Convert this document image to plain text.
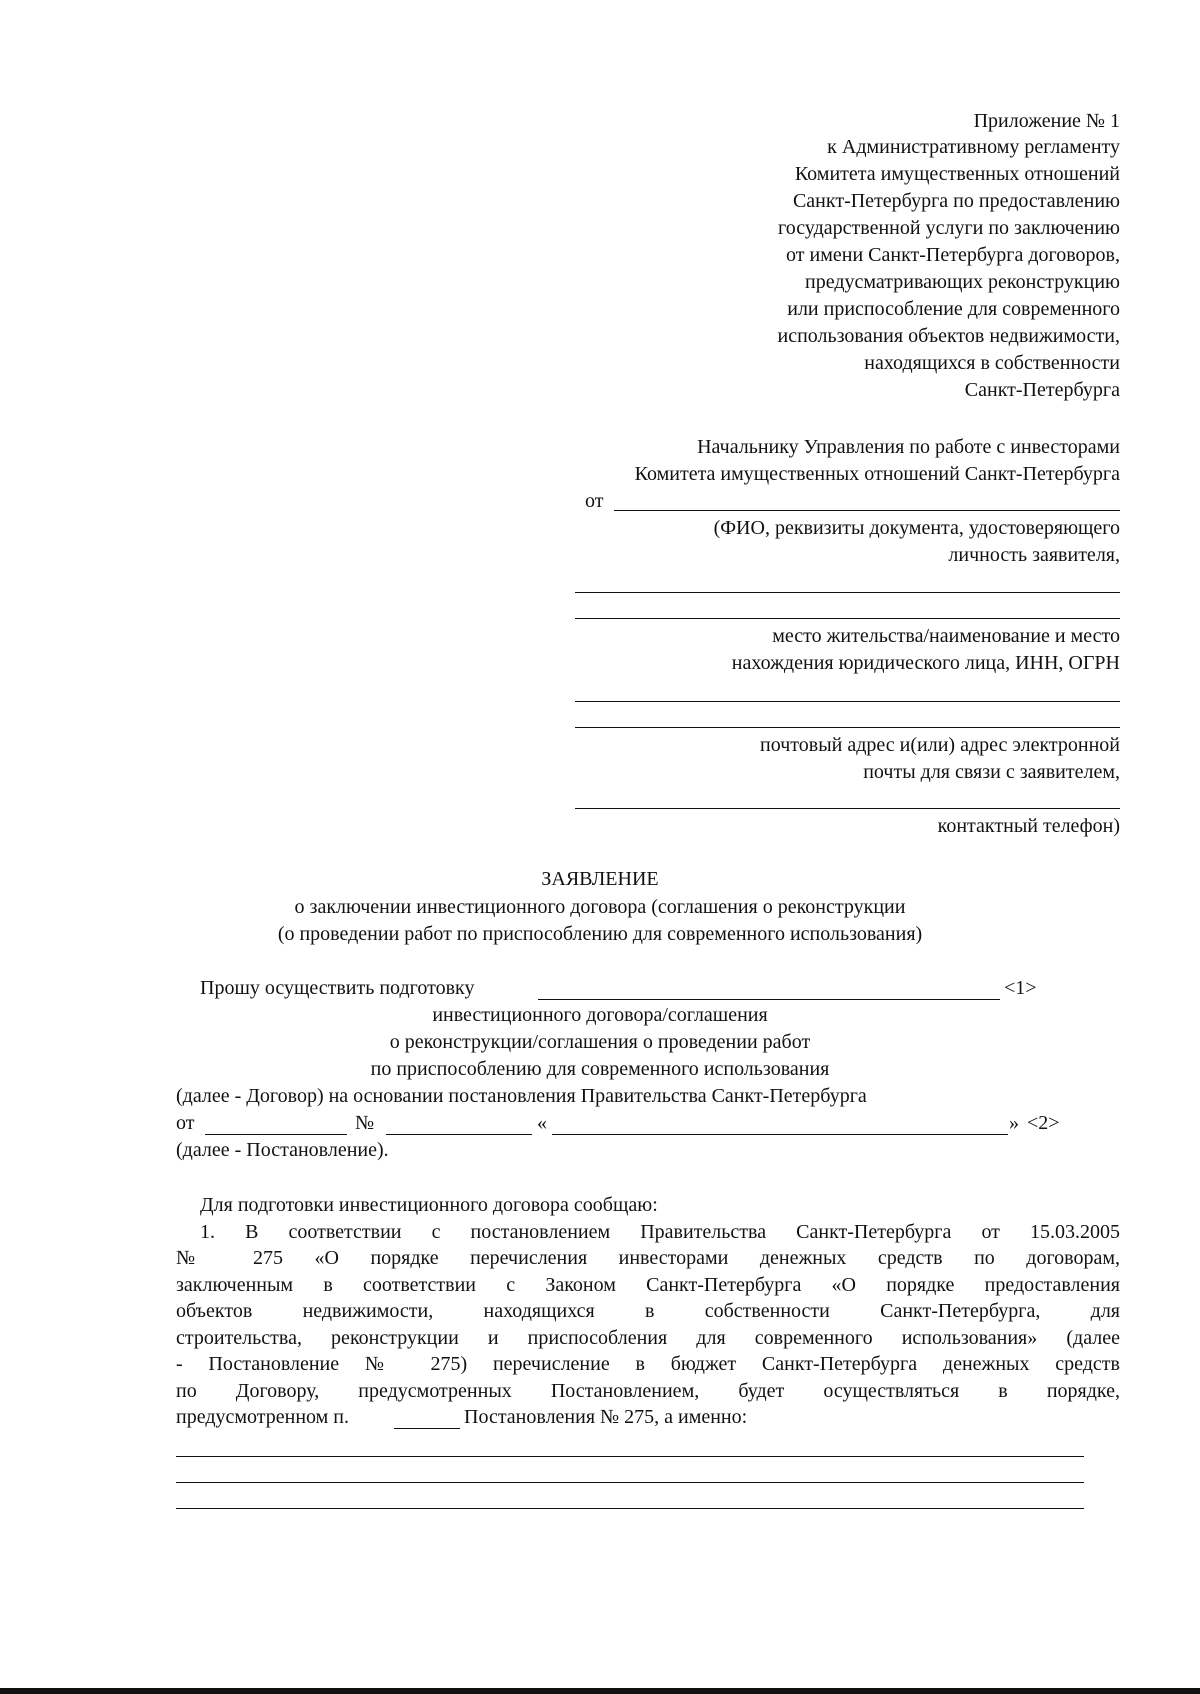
Приложение № 1
к Административному регламенту
Комитета имущественных отношений
Санкт-Петербурга по предоставлению
государственной услуги по заключению
от имени Санкт-Петербурга договоров,
предусматривающих реконструкцию
или приспособление для современного
использования объектов недвижимости,
находящихся в собственности
Санкт-Петербурга
Начальнику Управления по работе с инвесторами
Комитета имущественных отношений Санкт-Петербурга
от
(ФИО, реквизиты документа, удостоверяющего
личность заявителя,
место жительства/наименование и место
нахождения юридического лица, ИНН, ОГРН
почтовый адрес и(или) адрес электронной
почты для связи с заявителем,
контактный телефон)
ЗАЯВЛЕНИЕ
о заключении инвестиционного договора (соглашения о реконструкции
(о проведении работ по приспособлению для современного использования)
Прошу осуществить подготовку	<1>
инвестиционного договора/соглашения
о реконструкции/соглашения о проведении работ
по приспособлению для современного использования
(далее - Договор) на основании постановления Правительства Санкт-Петербурга
от	№	«	» <2>
(далее - Постановление).
Для подготовки инвестиционного договора сообщаю:
1. В соответствии с постановлением Правительства Санкт-Петербурга от 15.03.2005
№ 275 «О порядке перечисления инвесторами денежных средств по договорам,
заключенным в соответствии с Законом Санкт-Петербурга «О порядке предоставления
объектов недвижимости, находящихся в собственности Санкт-Петербурга, для
строительства, реконструкции и приспособления для современного использования» (далее
- Постановление № 275) перечисление в бюджет Санкт-Петербурга денежных средств
по Договору, предусмотренных Постановлением, будет осуществляться в порядке,
предусмотренном п.	Постановления № 275, а именно:
